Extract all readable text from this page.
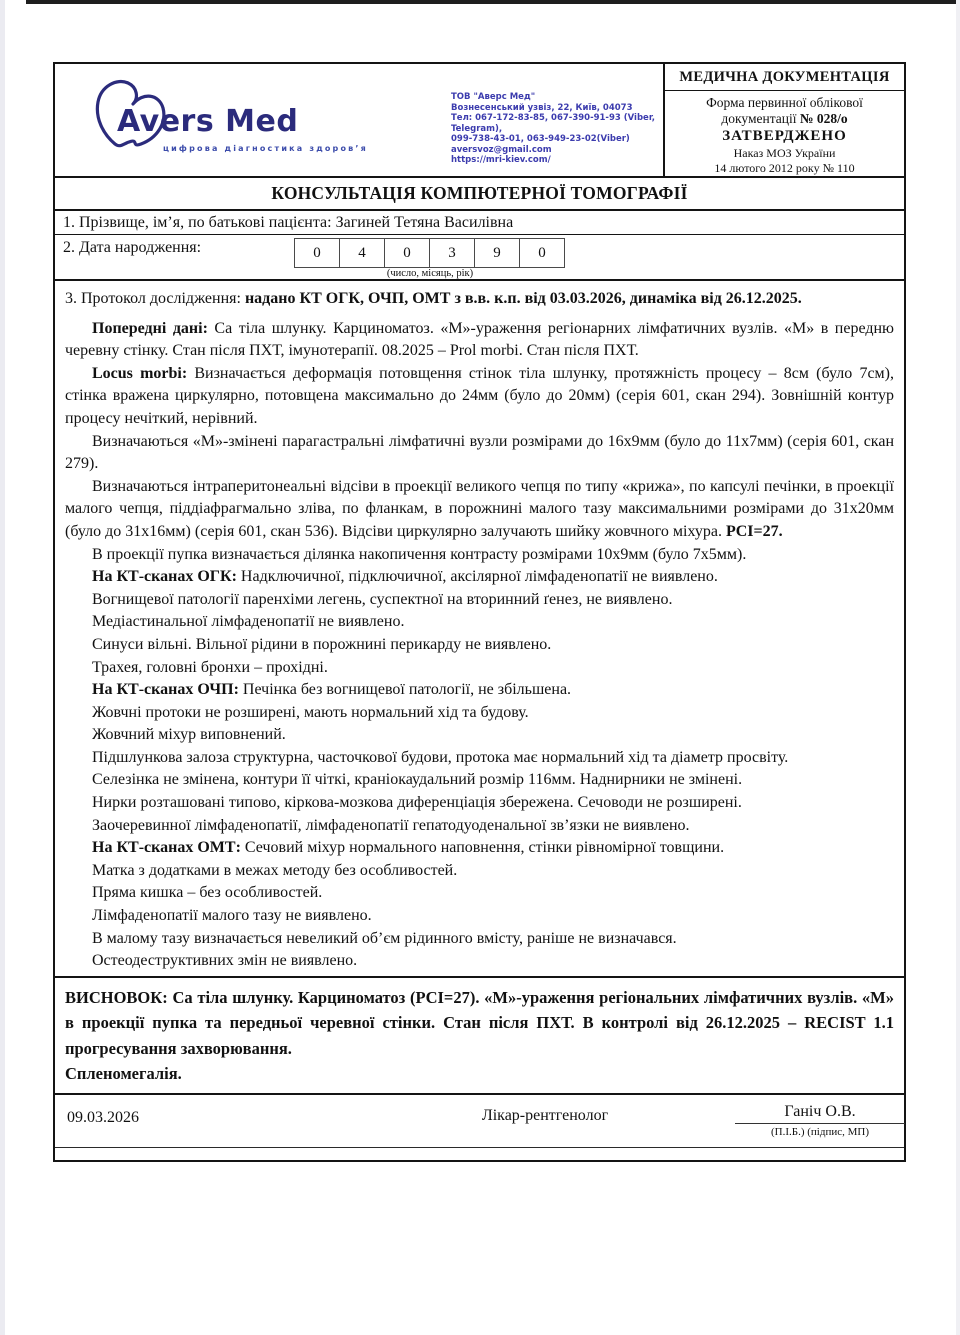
Avers Med
цифрова діагностика здоров’я
ТОВ "Аверс Мед"
Вознесенський узвіз, 22, Київ, 04073
Тел: 067-172-83-85, 067-390-91-93 (Viber, Telegram),
099-738-43-01, 063-949-23-02(Viber)
aversvoz@gmail.com
https://mri-kiev.com/
МЕДИЧНА ДОКУМЕНТАЦІЯ
Форма первинної облікової
документації № 028/о
ЗАТВЕРДЖЕНО
Наказ МОЗ України
14 лютого 2012 року № 110
КОНСУЛЬТАЦІЯ КОМПЮТЕРНОЇ ТОМОГРАФІЇ
1. Прізвище, ім’я, по батькові пацієнта: Загиней Тетяна Василівна
2. Дата народження:	0	4	0	3	9	0
(число, місяць, рік)

3. Протокол дослідження: надано КТ ОГК, ОЧП, ОМТ з в.в. к.п. від 03.03.2026, динаміка від 26.12.2025.

Попередні дані: Са тіла шлунку. Карциноматоз. «М»-ураження регіонарних лімфатичних вузлів. «М» в передню черевну стінку. Стан після ПХТ, імунотерапії. 08.2025 – Prol morbi. Стан після ПХТ.

Locus morbi: Визначається деформація потовщення стінок тіла шлунку, протяжність процесу – 8см (було 7см), стінка вражена циркулярно, потовщена максимально до 24мм (було до 20мм) (серія 601, скан 294). Зовнішній контур процесу нечіткий, нерівний.

Визначаються «М»-змінені парагастральні лімфатичні вузли розмірами до 16х9мм (було до 11х7мм) (серія 601, скан 279).

Визначаються інтраперитонеальні відсіви в проекції великого чепця по типу «крижа», по капсулі печінки, в проекції малого чепця, піддіафрагмально зліва, по фланкам, в порожнині малого тазу максимальними розмірами до 31х20мм (було до 31х16мм) (серія 601, скан 536). Відсіви циркулярно залучають шийку жовчного міхура. PCI=27.

В проекції пупка визначається ділянка накопичення контрасту розмірами 10х9мм (було 7х5мм).

На КТ-сканах ОГК: Надключичної, підключичної, аксілярної лімфаденопатії не виявлено.

Вогнищевої патології паренхіми легень, суспектної на вторинний ґенез, не виявлено.

Медіастинальної лімфаденопатії не виявлено.

Синуси вільні. Вільної рідини в порожнині перикарду не виявлено.

Трахея, головні бронхи – прохідні.

На КТ-сканах ОЧП: Печінка без вогнищевої патології, не збільшена.

Жовчні протоки не розширені, мають нормальний хід та будову.

Жовчний міхур виповнений.

Підшлункова залоза структурна, часточкової будови, протока має нормальний хід та діаметр просвіту.

Селезінка не змінена, контури її чіткі, краніокаудальний розмір 116мм. Наднирники не змінені.

Нирки розташовані типово, кіркова-мозкова диференціація збережена. Сечоводи не розширені.

Заочеревинної лімфаденопатії, лімфаденопатії гепатодуоденальної зв’язки не виявлено.

На КТ-сканах ОМТ: Сечовий міхур нормального наповнення, стінки рівномірної товщини.

Матка з додатками в межах методу без особливостей.

Пряма кишка – без особливостей.

Лімфаденопатії малого тазу не виявлено.

В малому тазу визначається невеликий об’єм рідинного вмісту, раніше не визначався.

Остеодеструктивних змін не виявлено.

ВИСНОВОК: Са тіла шлунку. Карциноматоз (PCI=27). «М»-ураження регіональних лімфатичних вузлів. «М» в проекції пупка та передньої черевної стінки. Стан після ПХТ. В контролі від 26.12.2025 – RECIST 1.1 прогресування захворювання.

Спленомегалія.

09.03.2026	Лікар-рентгенолог	Ганіч О.В.
(П.І.Б.) (підпис, МП)
